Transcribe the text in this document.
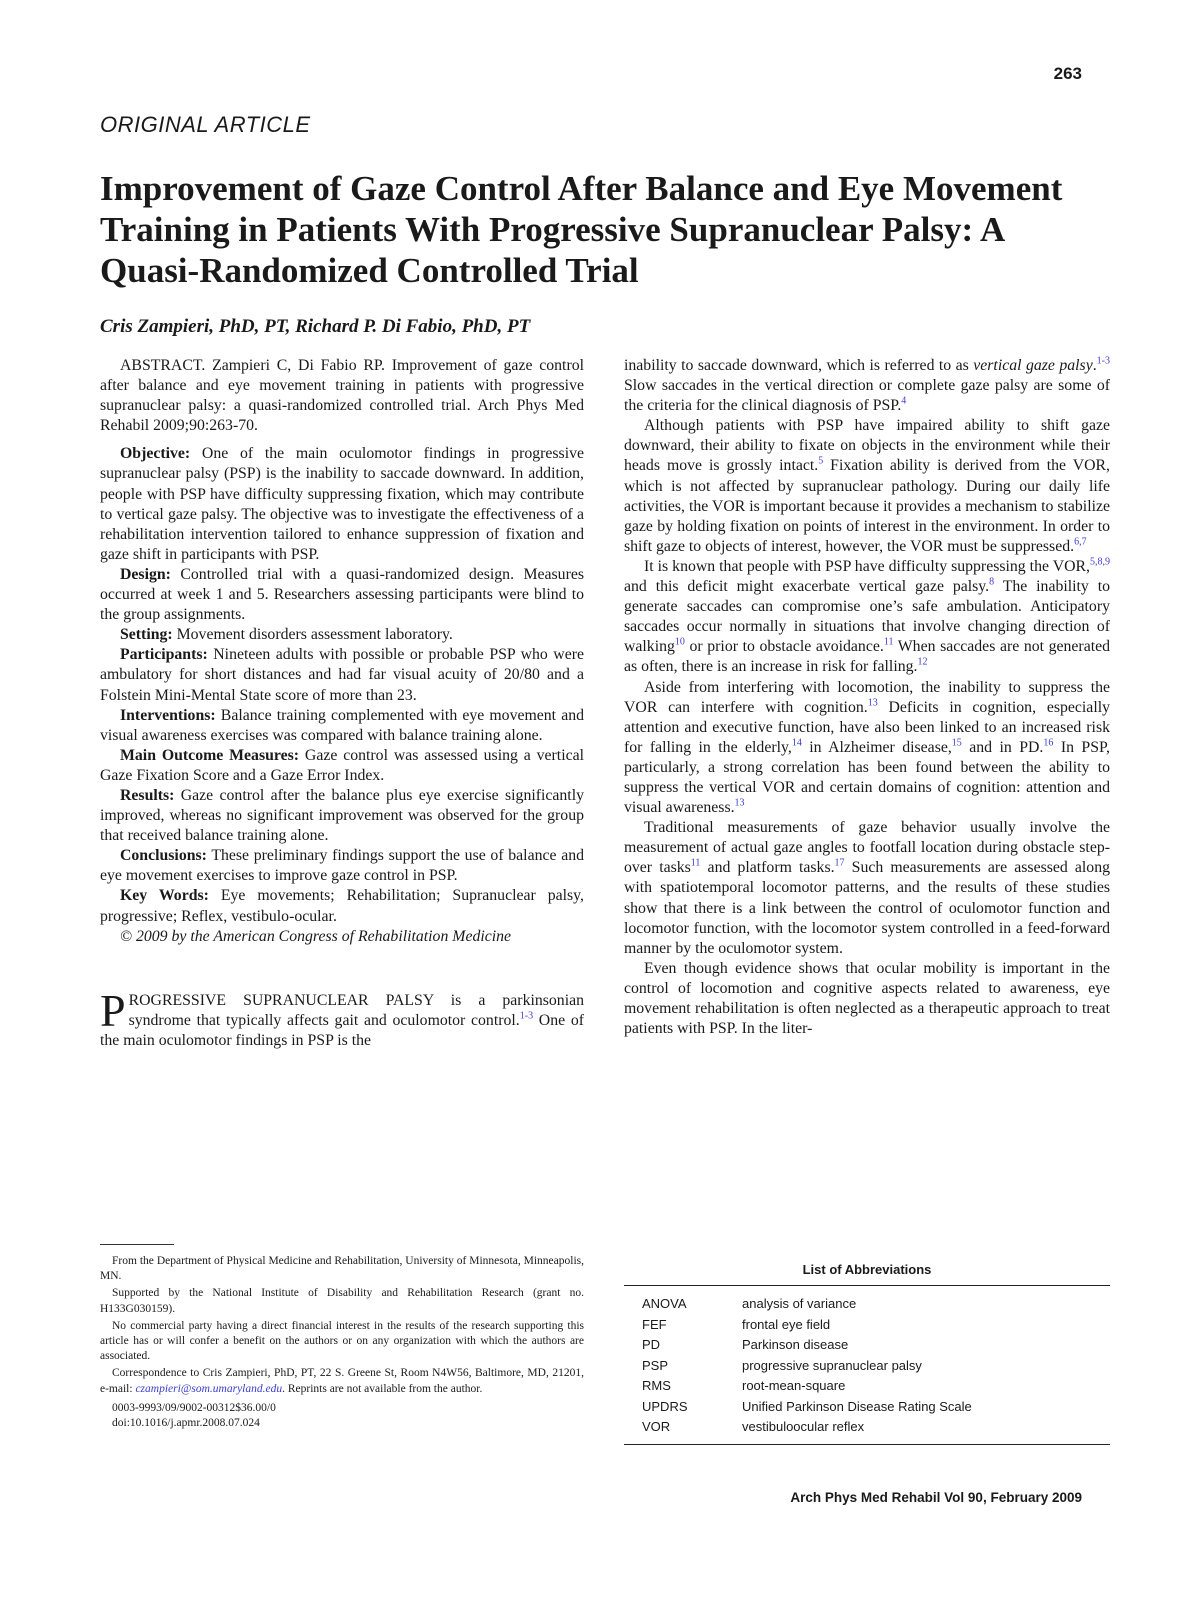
263
ORIGINAL ARTICLE
Improvement of Gaze Control After Balance and Eye Movement Training in Patients With Progressive Supranuclear Palsy: A Quasi-Randomized Controlled Trial
Cris Zampieri, PhD, PT, Richard P. Di Fabio, PhD, PT

ABSTRACT. Zampieri C, Di Fabio RP. Improvement of gaze control after balance and eye movement training in patients with progressive supranuclear palsy: a quasi-randomized controlled trial. Arch Phys Med Rehabil 2009;90:263-70.

Objective: One of the main oculomotor findings in progressive supranuclear palsy (PSP) is the inability to saccade downward. In addition, people with PSP have difficulty suppressing fixation, which may contribute to vertical gaze palsy. The objective was to investigate the effectiveness of a rehabilitation intervention tailored to enhance suppression of fixation and gaze shift in participants with PSP.

Design: Controlled trial with a quasi-randomized design. Measures occurred at week 1 and 5. Researchers assessing participants were blind to the group assignments.

Setting: Movement disorders assessment laboratory.

Participants: Nineteen adults with possible or probable PSP who were ambulatory for short distances and had far visual acuity of 20/80 and a Folstein Mini-Mental State score of more than 23.

Interventions: Balance training complemented with eye movement and visual awareness exercises was compared with balance training alone.

Main Outcome Measures: Gaze control was assessed using a vertical Gaze Fixation Score and a Gaze Error Index.

Results: Gaze control after the balance plus eye exercise significantly improved, whereas no significant improvement was observed for the group that received balance training alone.

Conclusions: These preliminary findings support the use of balance and eye movement exercises to improve gaze control in PSP.

Key Words: Eye movements; Rehabilitation; Supranuclear palsy, progressive; Reflex, vestibulo-ocular.

© 2009 by the American Congress of Rehabilitation Medicine

PROGRESSIVE SUPRANUCLEAR PALSY is a parkinsonian syndrome that typically affects gait and oculomotor control.$^{1-3}$ One of the main oculomotor findings in PSP is the

inability to saccade downward, which is referred to as vertical gaze palsy.$^{1-3}$ Slow saccades in the vertical direction or complete gaze palsy are some of the criteria for the clinical diagnosis of PSP.$^4$

Although patients with PSP have impaired ability to shift gaze downward, their ability to fixate on objects in the environment while their heads move is grossly intact.$^5$ Fixation ability is derived from the VOR, which is not affected by supranuclear pathology. During our daily life activities, the VOR is important because it provides a mechanism to stabilize gaze by holding fixation on points of interest in the environment. In order to shift gaze to objects of interest, however, the VOR must be suppressed.$^{6,7}$

It is known that people with PSP have difficulty suppressing the VOR,$^{5,8,9}$ and this deficit might exacerbate vertical gaze palsy.$^8$ The inability to generate saccades can compromise one’s safe ambulation. Anticipatory saccades occur normally in situations that involve changing direction of walking$^{10}$ or prior to obstacle avoidance.$^{11}$ When saccades are not generated as often, there is an increase in risk for falling.$^{12}$

Aside from interfering with locomotion, the inability to suppress the VOR can interfere with cognition.$^{13}$ Deficits in cognition, especially attention and executive function, have also been linked to an increased risk for falling in the elderly,$^{14}$ in Alzheimer disease,$^{15}$ and in PD.$^{16}$ In PSP, particularly, a strong correlation has been found between the ability to suppress the vertical VOR and certain domains of cognition: attention and visual awareness.$^{13}$

Traditional measurements of gaze behavior usually involve the measurement of actual gaze angles to footfall location during obstacle step-over tasks$^{11}$ and platform tasks.$^{17}$ Such measurements are assessed along with spatiotemporal locomotor patterns, and the results of these studies show that there is a link between the control of oculomotor function and locomotor function, with the locomotor system controlled in a feed-forward manner by the oculomotor system.

Even though evidence shows that ocular mobility is important in the control of locomotion and cognitive aspects related to awareness, eye movement rehabilitation is often neglected as a therapeutic approach to treat patients with PSP. In the liter-

From the Department of Physical Medicine and Rehabilitation, University of Minnesota, Minneapolis, MN.

Supported by the National Institute of Disability and Rehabilitation Research (grant no. H133G030159).

No commercial party having a direct financial interest in the results of the research supporting this article has or will confer a benefit on the authors or on any organization with which the authors are associated.

Correspondence to Cris Zampieri, PhD, PT, 22 S. Greene St, Room N4W56, Baltimore, MD, 21201, e-mail: czampieri@som.umaryland.edu. Reprints are not available from the author.

0003-9993/09/9002-00312$36.00/0

doi:10.1016/j.apmr.2008.07.024

List of Abbreviations
ANOVA	analysis of variance
FEF	frontal eye field
PD	Parkinson disease
PSP	progressive supranuclear palsy
RMS	root-mean-square
UPDRS	Unified Parkinson Disease Rating Scale
VOR	vestibuloocular reflex
Arch Phys Med Rehabil Vol 90, February 2009
